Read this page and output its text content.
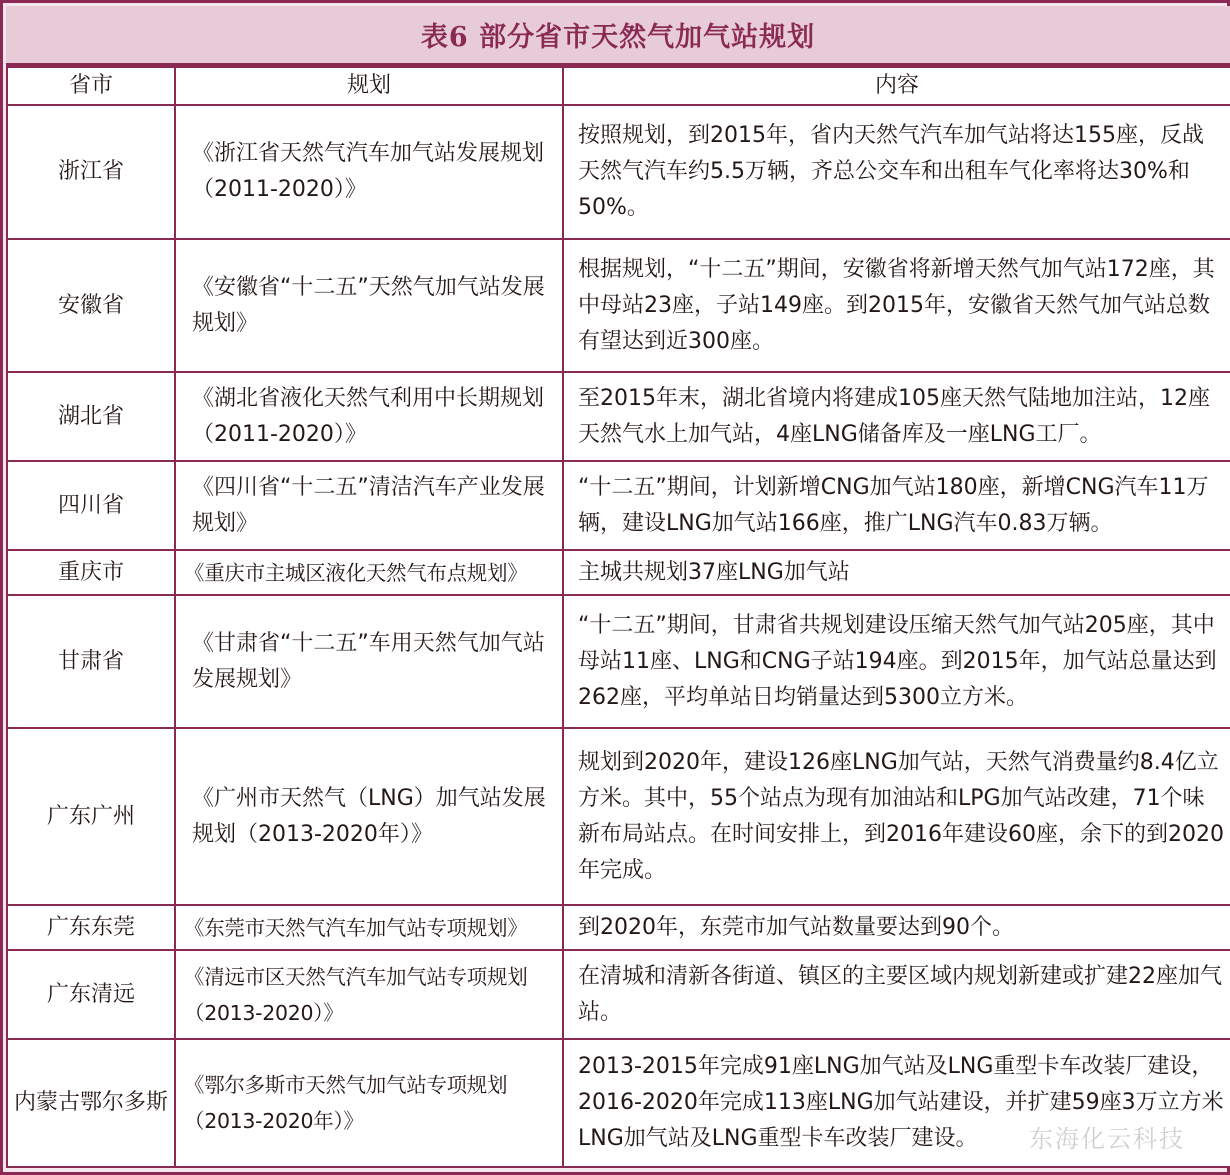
表6 部分省市天然气加气站规划
省市	规划	内容
浙江省	《浙江省天然气汽车加气站发展规划（2011-2020）》	按照规划，到2015年，省内天然气汽车加气站将达155座，反战天然气汽车约5.5万辆，齐总公交车和出租车气化率将达30%和50%。
安徽省	《安徽省“十二五”天然气加气站发展规划》	根据规划，“十二五”期间，安徽省将新增天然气加气站172座，其中母站23座，子站149座。到2015年，安徽省天然气加气站总数有望达到近300座。
湖北省	《湖北省液化天然气利用中长期规划（2011-2020）》	至2015年末，湖北省境内将建成105座天然气陆地加注站，12座天然气水上加气站，4座LNG储备库及一座LNG工厂。
四川省	《四川省“十二五”清洁汽车产业发展规划》	“十二五”期间，计划新增CNG加气站180座，新增CNG汽车11万辆，建设LNG加气站166座，推广LNG汽车0.83万辆。
重庆市	《重庆市主城区液化天然气布点规划》	主城共规划37座LNG加气站
甘肃省	《甘肃省“十二五”车用天然气加气站发展规划》	“十二五”期间，甘肃省共规划建设压缩天然气加气站205座，其中母站11座、LNG和CNG子站194座。到2015年，加气站总量达到262座，平均单站日均销量达到5300立方米。
广东广州	《广州市天然气（LNG）加气站发展规划（2013-2020年）》	规划到2020年，建设126座LNG加气站，天然气消费量约8.4亿立方米。其中，55个站点为现有加油站和LPG加气站改建，71个味新布局站点。在时间安排上，到2016年建设60座，余下的到2020年完成。
广东东莞	《东莞市天然气汽车加气站专项规划》	到2020年，东莞市加气站数量要达到90个。
广东清远	《清远市区天然气汽车加气站专项规划（2013-2020）》	在清城和清新各街道、镇区的主要区域内规划新建或扩建22座加气站。
内蒙古鄂尔多斯	《鄂尔多斯市天然气加气站专项规划（2013-2020年）》	2013-2015年完成91座LNG加气站及LNG重型卡车改装厂建设，2016-2020年完成113座LNG加气站建设，并扩建59座3万立方米LNG加气站及LNG重型卡车改装厂建设。 东海化云科技
